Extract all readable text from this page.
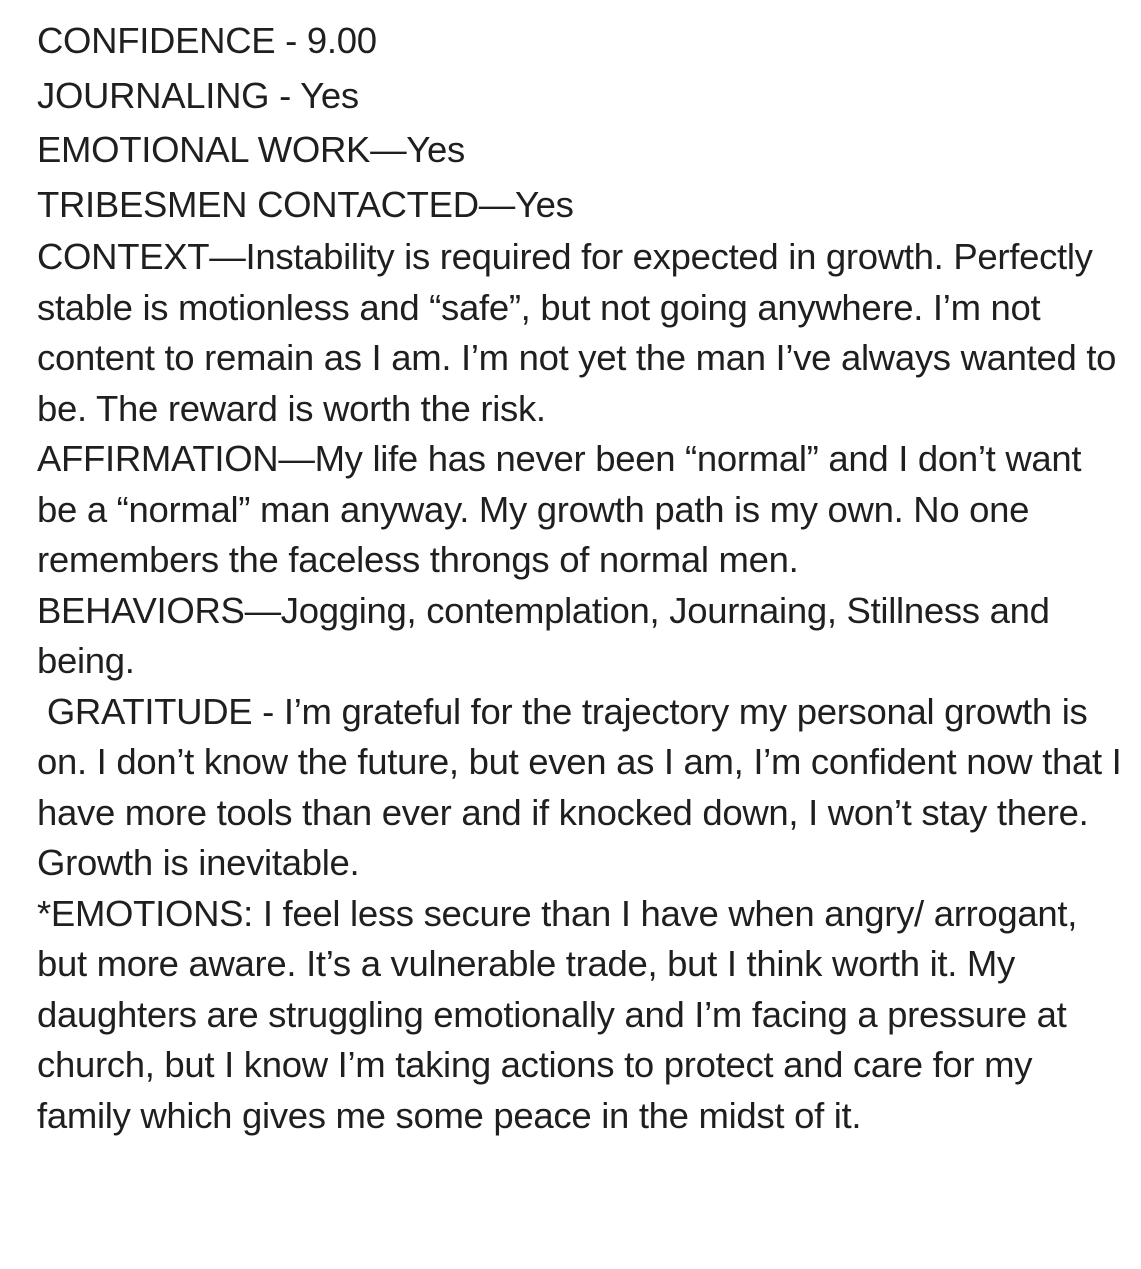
CONFIDENCE - 9.00

JOURNALING - Yes

EMOTIONAL WORK—Yes

TRIBESMEN CONTACTED—Yes

CONTEXT—Instability is required for expected in growth. Perfectly stable is motionless and “safe”, but not going anywhere. I’m not content to remain as I am. I’m not yet the man I’ve always wanted to be. The reward is worth the risk.

AFFIRMATION—My life has never been “normal” and I don’t want be a “normal” man anyway. My growth path is my own. No one remembers the faceless throngs of normal men.

BEHAVIORS—Jogging, contemplation, Journaing, Stillness and being.

GRATITUDE - I’m grateful for the trajectory my personal growth is on. I don’t know the future, but even as I am, I’m confident now that I have more tools than ever and if knocked down, I won’t stay there. Growth is inevitable.

*EMOTIONS: I feel less secure than I have when angry/ arrogant, but more aware. It’s a vulnerable trade, but I think worth it. My daughters are struggling emotionally and I’m facing a pressure at church, but I know I’m taking actions to protect and care for my family which gives me some peace in the midst of it.
